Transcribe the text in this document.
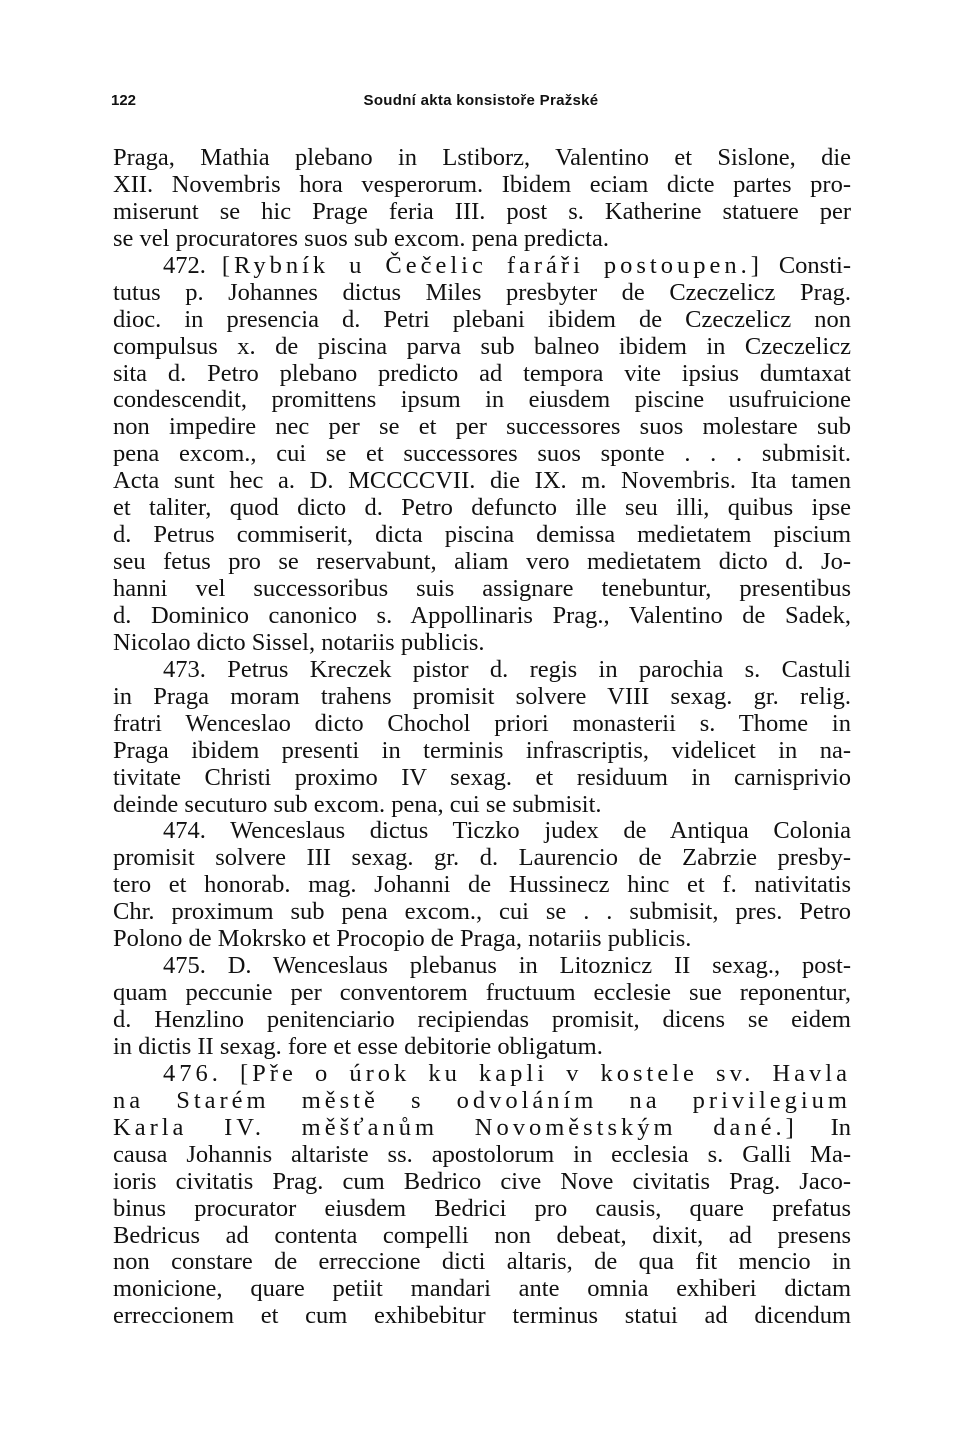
122	Soudní akta konsistoře Pražské
Praga, Mathia plebano in Lstiborz, Valentino et Sislone, die
XII. Novembris hora vesperorum. Ibidem eciam dicte partes pro-
miserunt se hic Prage feria III. post s. Katherine statuere per
se vel procuratores suos sub excom. pena predicta.
472. [Rybník u Čečelic faráři postoupen.] Consti-
tutus p. Johannes dictus Miles presbyter de Czeczelicz Prag.
dioc. in presencia d. Petri plebani ibidem de Czeczelicz non
compulsus x. de piscina parva sub balneo ibidem in Czeczelicz
sita d. Petro plebano predicto ad tempora vite ipsius dumtaxat
condescendit, promittens ipsum in eiusdem piscine usufruicione
non impedire nec per se et per successores suos molestare sub
pena excom., cui se et successores suos sponte . . . submisit.
Acta sunt hec a. D. MCCCCVII. die IX. m. Novembris. Ita tamen
et taliter, quod dicto d. Petro defuncto ille seu illi, quibus ipse
d. Petrus commiserit, dicta piscina demissa medietatem piscium
seu fetus pro se reservabunt, aliam vero medietatem dicto d. Jo-
hanni vel successoribus suis assignare tenebuntur, presentibus
d. Dominico canonico s. Appollinaris Prag., Valentino de Sadek,
Nicolao dicto Sissel, notariis publicis.
473. Petrus Kreczek pistor d. regis in parochia s. Castuli
in Praga moram trahens promisit solvere VIII sexag. gr. relig.
fratri Wenceslao dicto Chochol priori monasterii s. Thome in
Praga ibidem presenti in terminis infrascriptis, videlicet in na-
tivitate Christi proximo IV sexag. et residuum in carnisprivio
deinde secuturo sub excom. pena, cui se submisit.
474. Wenceslaus dictus Ticzko judex de Antiqua Colonia
promisit solvere III sexag. gr. d. Laurencio de Zabrzie presby-
tero et honorab. mag. Johanni de Hussinecz hinc et f. nativitatis
Chr. proximum sub pena excom., cui se . . submisit, pres. Petro
Polono de Mokrsko et Procopio de Praga, notariis publicis.
475. D. Wenceslaus plebanus in Litoznicz II sexag., post-
quam peccunie per conventorem fructuum ecclesie sue reponentur,
d. Henzlino penitenciario recipiendas promisit, dicens se eidem
in dictis II sexag. fore et esse debitorie obligatum.
476. [Pře o úrok ku kapli v kostele sv. Havla
na Starém městě s odvoláním na privilegium
Karla IV. měšťanům Novoměstským dané.] In
causa Johannis altariste ss. apostolorum in ecclesia s. Galli Ma-
ioris civitatis Prag. cum Bedrico cive Nove civitatis Prag. Jaco-
binus procurator eiusdem Bedrici pro causis, quare prefatus
Bedricus ad contenta compelli non debeat, dixit, ad presens
non constare de erreccione dicti altaris, de qua fit mencio in
monicione, quare petiit mandari ante omnia exhiberi dictam
erreccionem et cum exhibebitur terminus statui ad dicendum
